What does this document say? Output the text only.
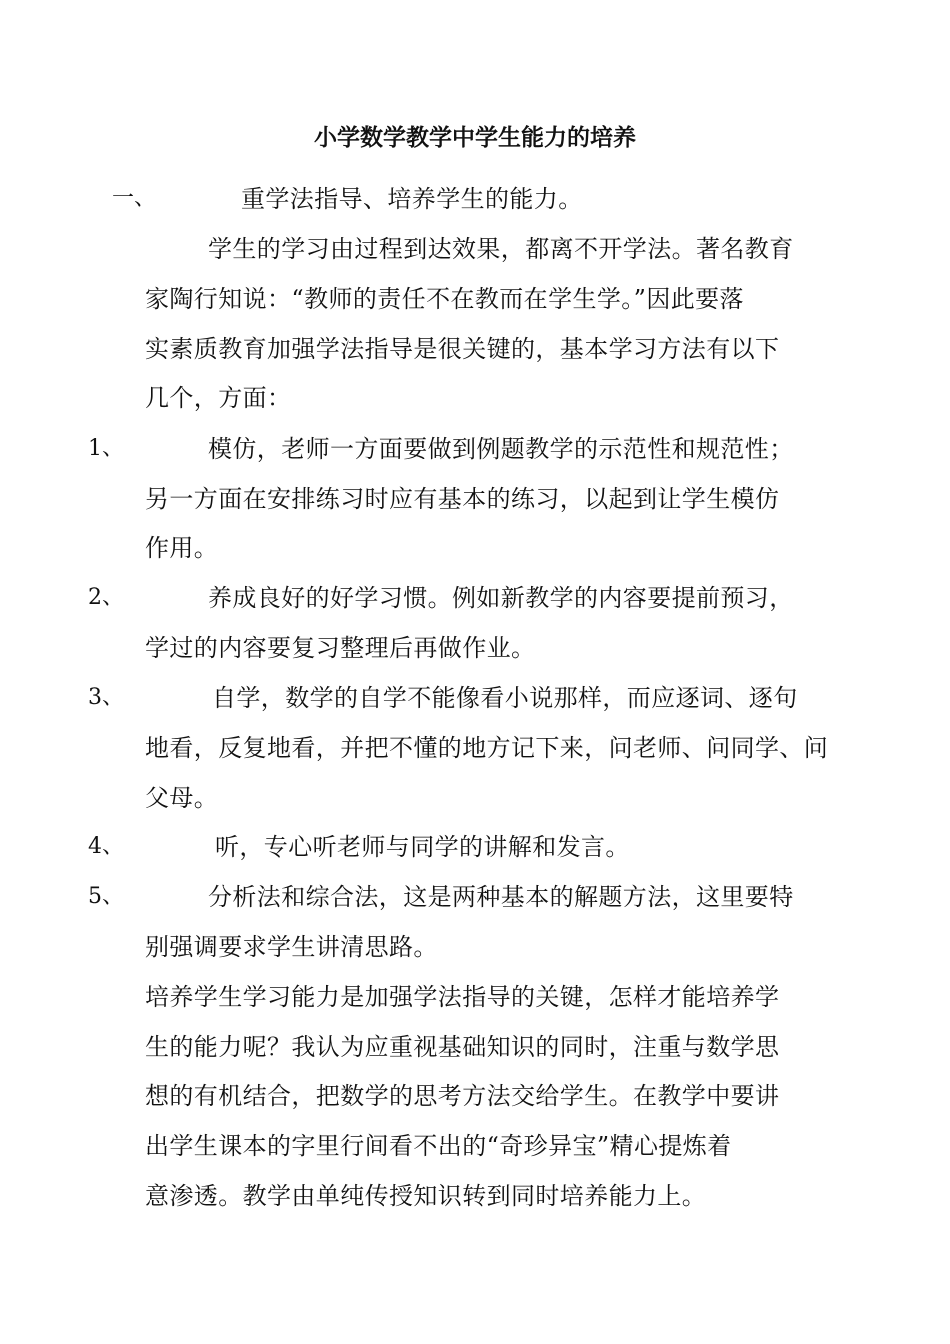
小学数学教学中学生能力的培养
一、	重学法指导、培养学生的能力。
学生的学习由过程到达效果，都离不开学法。著名教育
家陶行知说：“教师的责任不在教而在学生学。”因此要落
实素质教育加强学法指导是很关键的，基本学习方法有以下
几个，方面：
1、	模仿，老师一方面要做到例题教学的示范性和规范性；
另一方面在安排练习时应有基本的练习，以起到让学生模仿
作用。
2、	养成良好的好学习惯。例如新教学的内容要提前预习，
学过的内容要复习整理后再做作业。
3、	自学，数学的自学不能像看小说那样，而应逐词、逐句
地看，反复地看，并把不懂的地方记下来，问老师、问同学、问
父母。
4、	听，专心听老师与同学的讲解和发言。
5、	分析法和综合法，这是两种基本的解题方法，这里要特
别强调要求学生讲清思路。
培养学生学习能力是加强学法指导的关键，怎样才能培养学
生的能力呢？我认为应重视基础知识的同时，注重与数学思
想的有机结合，把数学的思考方法交给学生。在教学中要讲
出学生课本的字里行间看不出的“奇珍异宝”精心提炼着
意渗透。教学由单纯传授知识转到同时培养能力上。
